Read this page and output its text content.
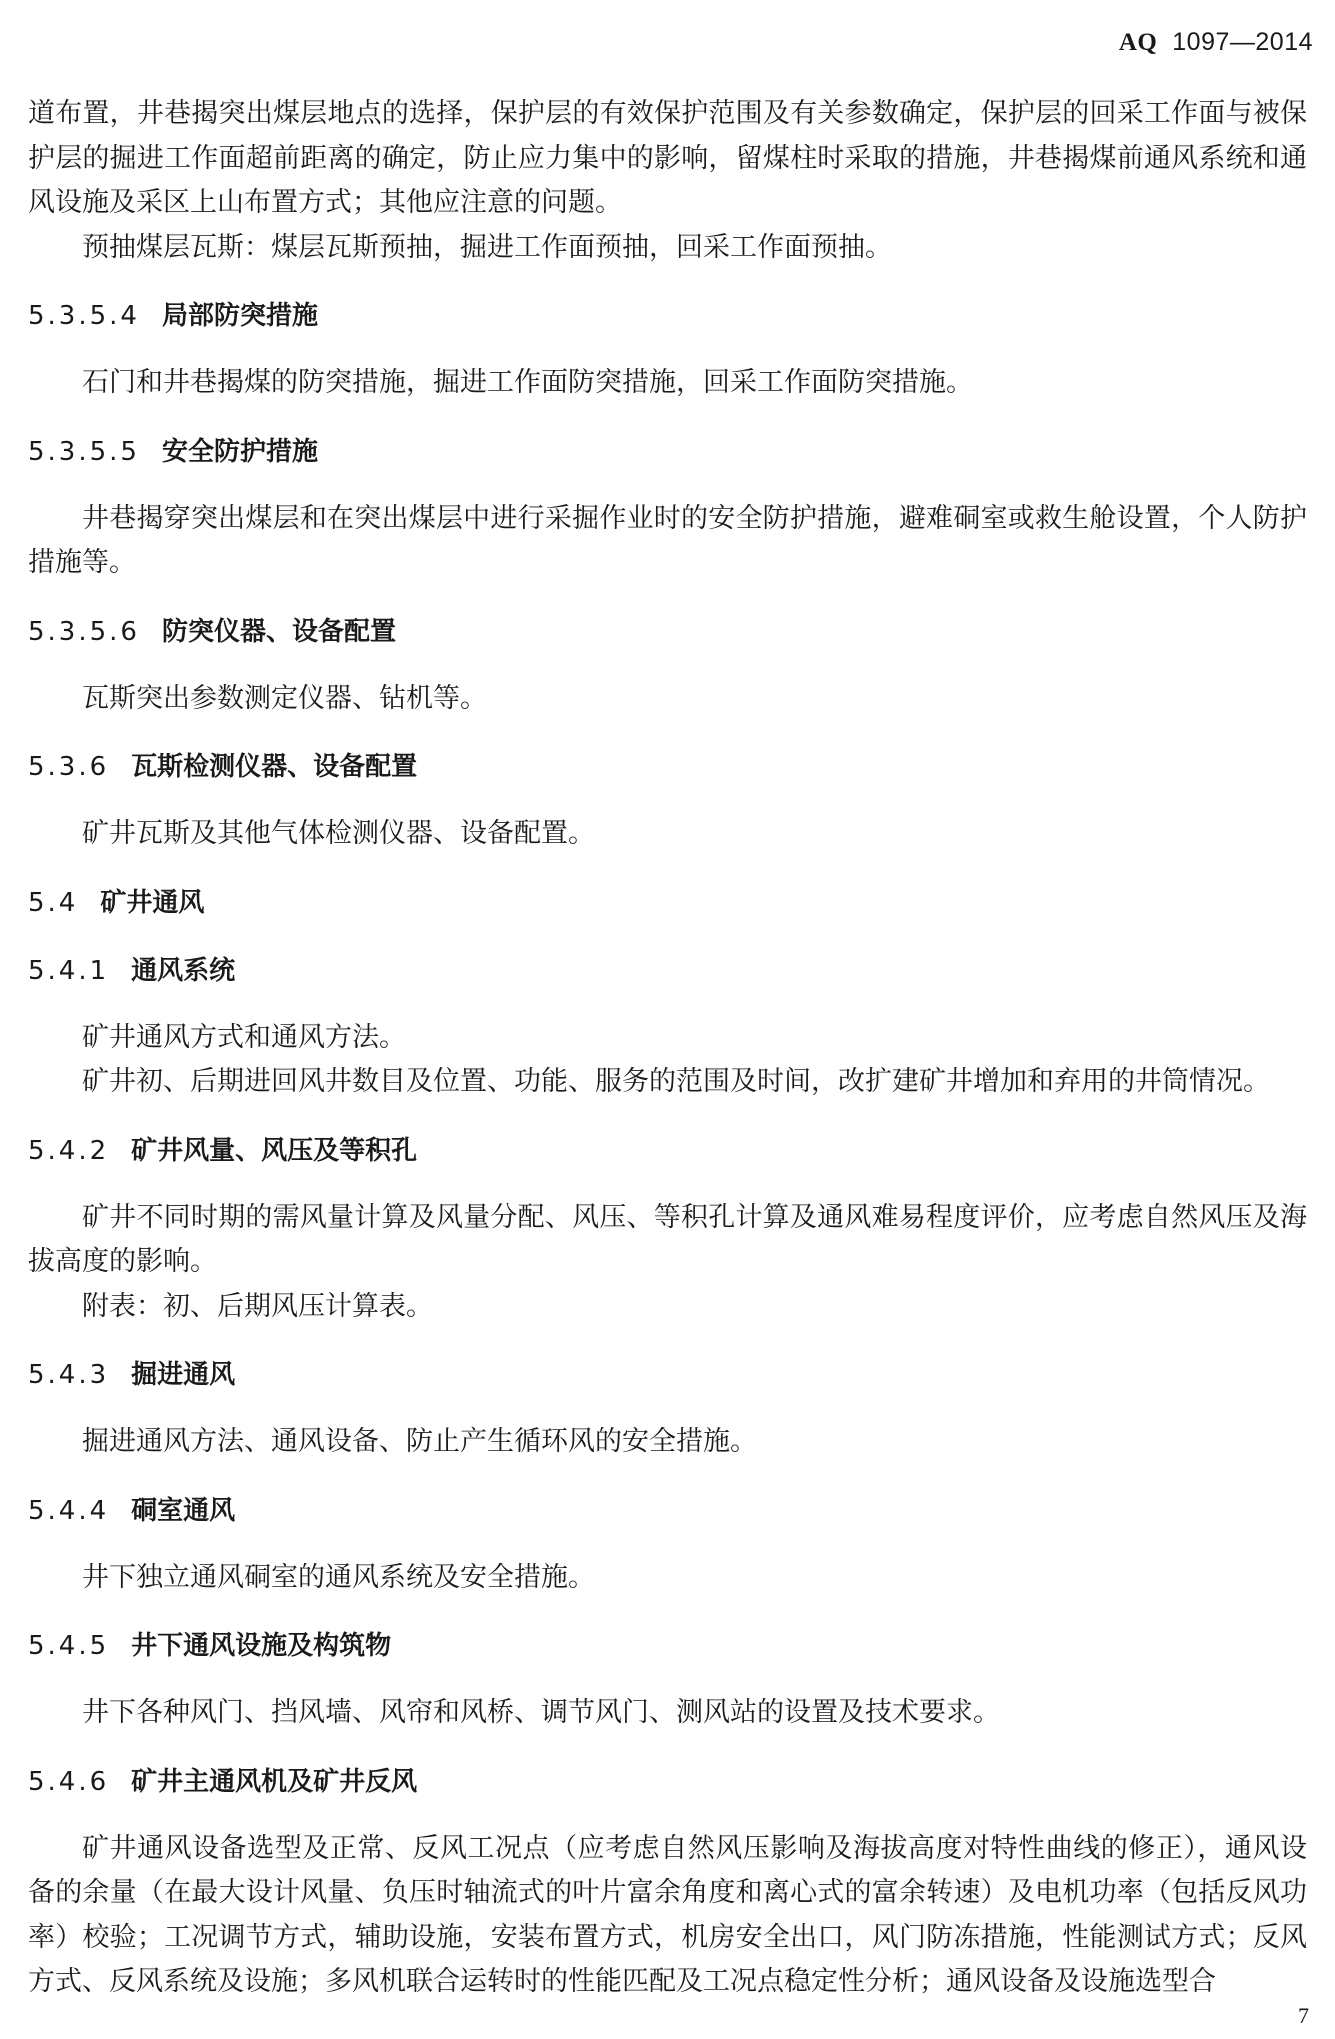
AQ 1097—2014

道布置，井巷揭突出煤层地点的选择，保护层的有效保护范围及有关参数确定，保护层的回采工作面与被保护层的掘进工作面超前距离的确定，防止应力集中的影响，留煤柱时采取的措施，井巷揭煤前通风系统和通风设施及采区上山布置方式；其他应注意的问题。

预抽煤层瓦斯：煤层瓦斯预抽，掘进工作面预抽，回采工作面预抽。

5.3.5.4 局部防突措施

石门和井巷揭煤的防突措施，掘进工作面防突措施，回采工作面防突措施。

5.3.5.5 安全防护措施

井巷揭穿突出煤层和在突出煤层中进行采掘作业时的安全防护措施，避难硐室或救生舱设置，个人防护措施等。

5.3.5.6 防突仪器、设备配置

瓦斯突出参数测定仪器、钻机等。

5.3.6 瓦斯检测仪器、设备配置

矿井瓦斯及其他气体检测仪器、设备配置。

5.4 矿井通风
5.4.1 通风系统

矿井通风方式和通风方法。

矿井初、后期进回风井数目及位置、功能、服务的范围及时间，改扩建矿井增加和弃用的井筒情况。

5.4.2 矿井风量、风压及等积孔

矿井不同时期的需风量计算及风量分配、风压、等积孔计算及通风难易程度评价，应考虑自然风压及海拔高度的影响。

附表：初、后期风压计算表。

5.4.3 掘进通风

掘进通风方法、通风设备、防止产生循环风的安全措施。

5.4.4 硐室通风

井下独立通风硐室的通风系统及安全措施。

5.4.5 井下通风设施及构筑物

井下各种风门、挡风墙、风帘和风桥、调节风门、测风站的设置及技术要求。

5.4.6 矿井主通风机及矿井反风

矿井通风设备选型及正常、反风工况点（应考虑自然风压影响及海拔高度对特性曲线的修正），通风设备的余量（在最大设计风量、负压时轴流式的叶片富余角度和离心式的富余转速）及电机功率（包括反风功率）校验；工况调节方式，辅助设施，安装布置方式，机房安全出口，风门防冻措施，性能测试方式；反风方式、反风系统及设施；多风机联合运转时的性能匹配及工况点稳定性分析；通风设备及设施选型合

7
